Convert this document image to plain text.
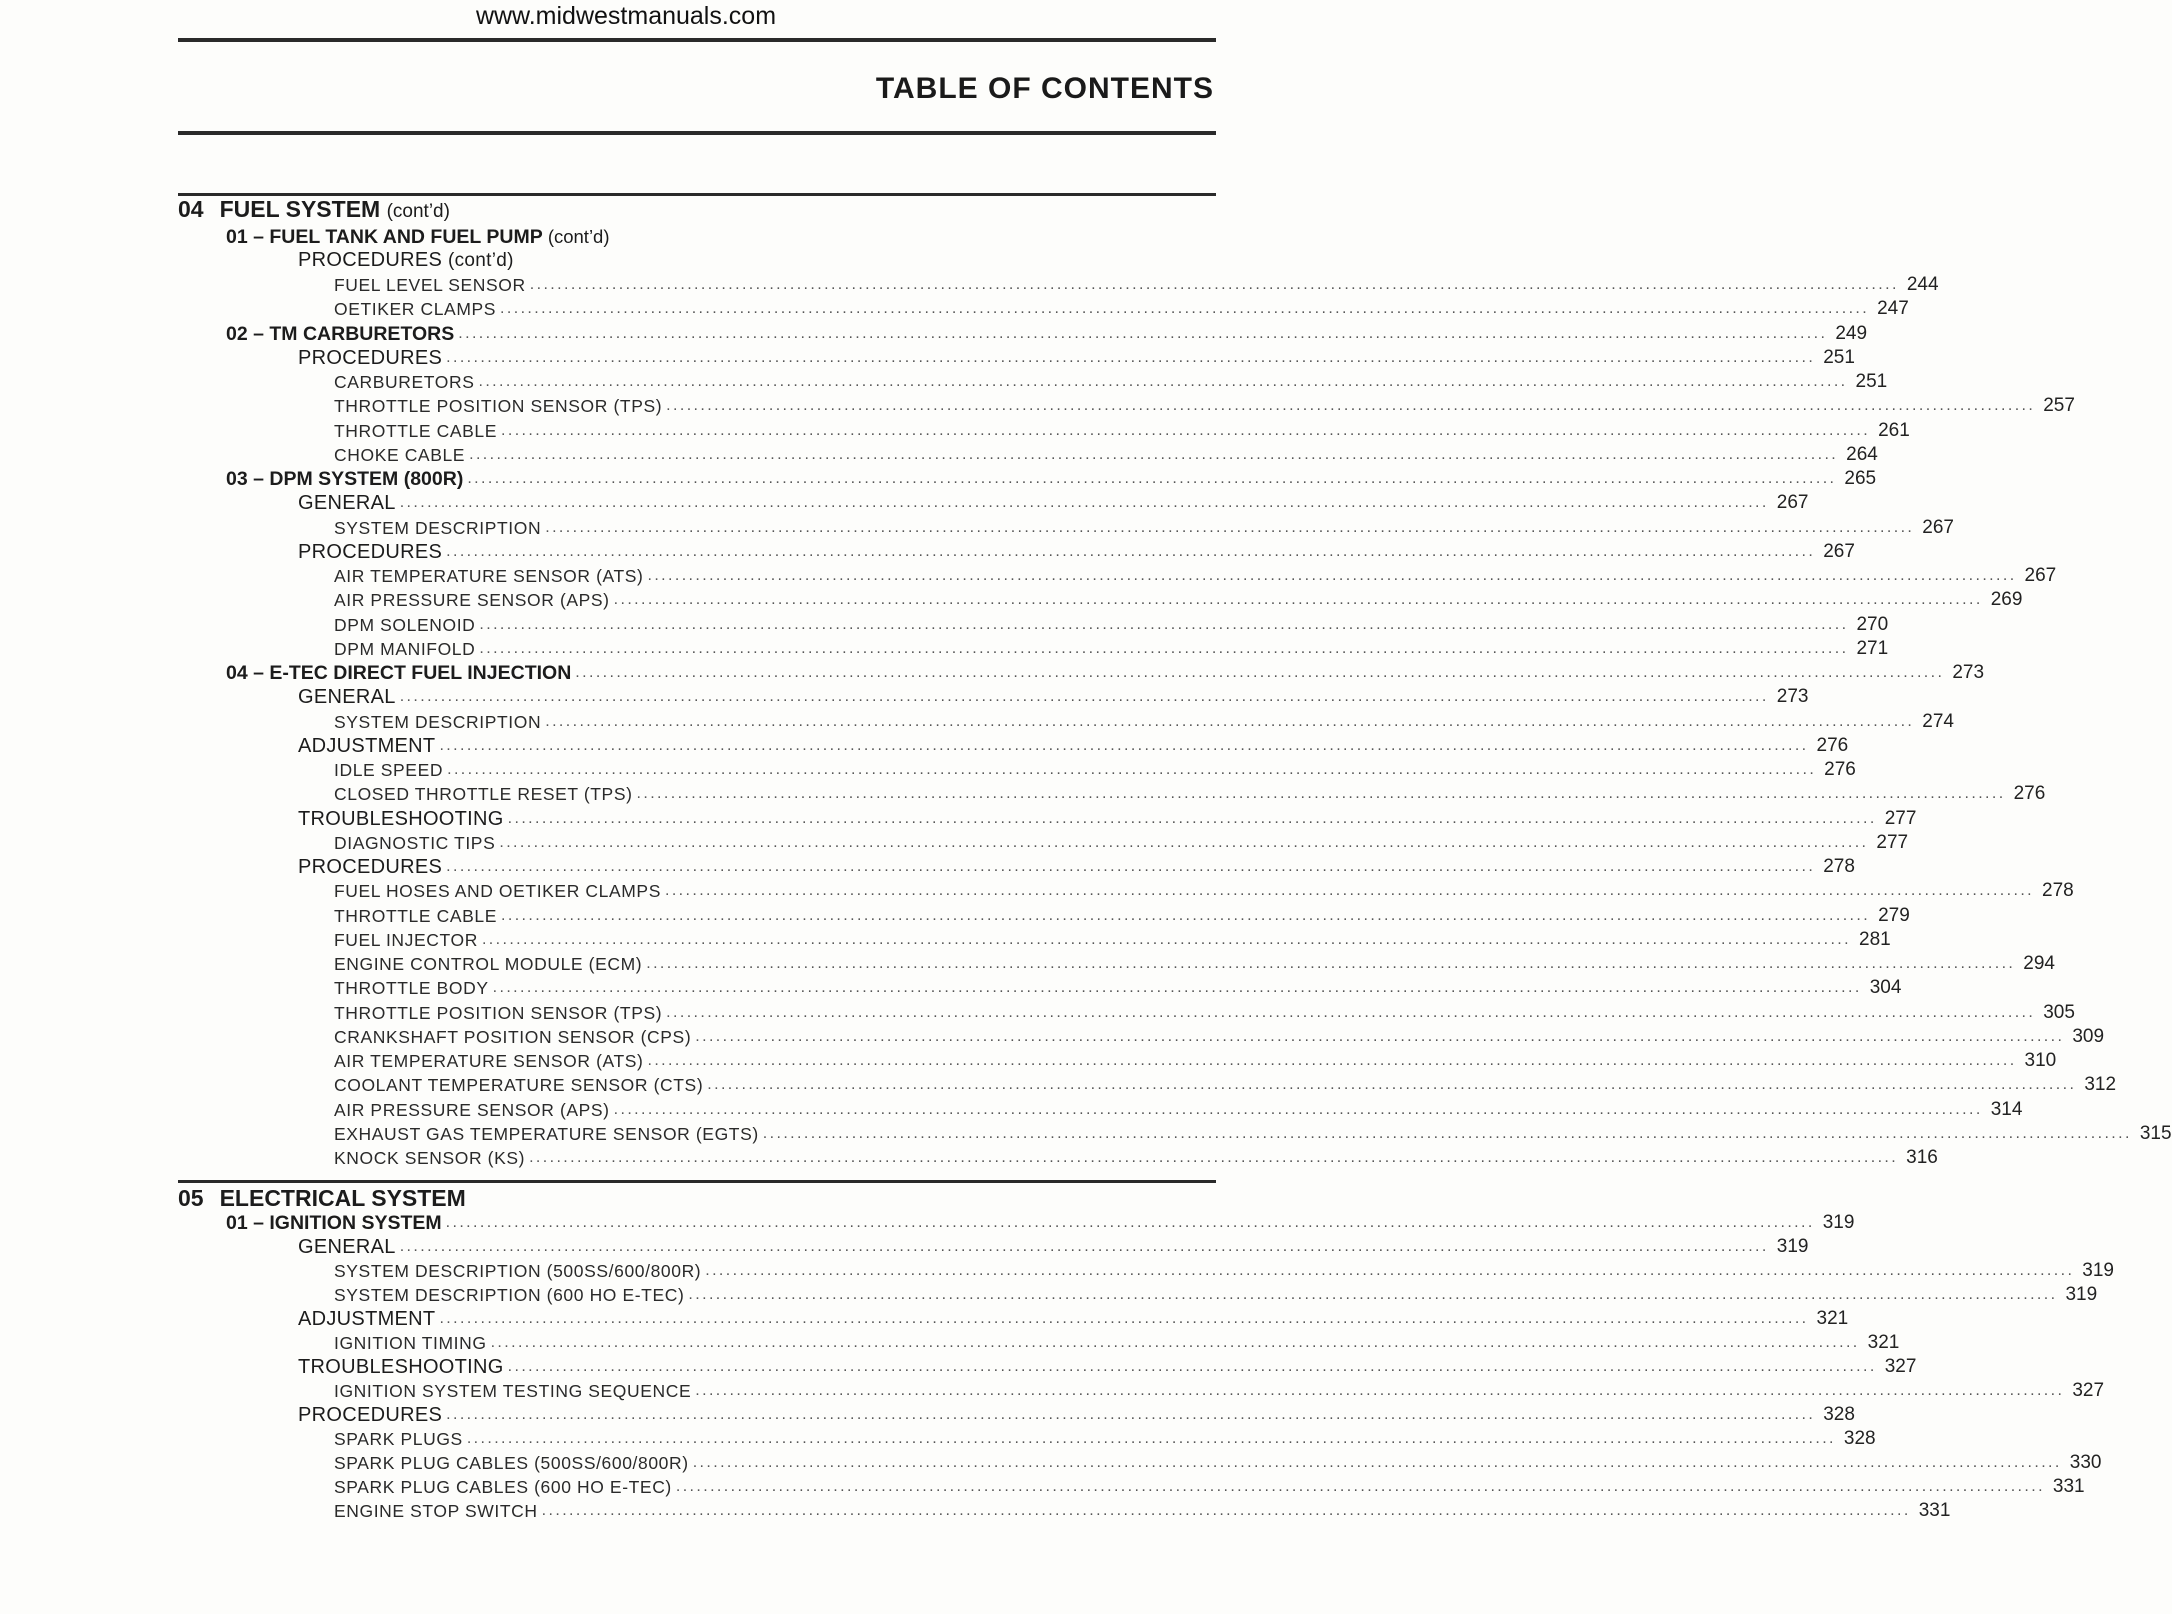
www.midwestmanuals.com
TABLE OF CONTENTS
04 FUEL SYSTEM (cont’d)
01 – FUEL TANK AND FUEL PUMP (cont’d)
PROCEDURES (cont’d)
FUEL LEVEL SENSOR ........................................................................................................................................................................................................ 244
OETIKER CLAMPS ........................................................................................................................................................................................................ 247
02 – TM CARBURETORS ........................................................................................................................................................................................................ 249
PROCEDURES ........................................................................................................................................................................................................ 251
CARBURETORS ........................................................................................................................................................................................................ 251
THROTTLE POSITION SENSOR (TPS) ........................................................................................................................................................................................................ 257
THROTTLE CABLE ........................................................................................................................................................................................................ 261
CHOKE CABLE ........................................................................................................................................................................................................ 264
03 – DPM SYSTEM (800R) ........................................................................................................................................................................................................ 265
GENERAL ........................................................................................................................................................................................................ 267
SYSTEM DESCRIPTION ........................................................................................................................................................................................................ 267
PROCEDURES ........................................................................................................................................................................................................ 267
AIR TEMPERATURE SENSOR (ATS) ........................................................................................................................................................................................................ 267
AIR PRESSURE SENSOR (APS) ........................................................................................................................................................................................................ 269
DPM SOLENOID ........................................................................................................................................................................................................ 270
DPM MANIFOLD ........................................................................................................................................................................................................ 271
04 – E-TEC DIRECT FUEL INJECTION ........................................................................................................................................................................................................ 273
GENERAL ........................................................................................................................................................................................................ 273
SYSTEM DESCRIPTION ........................................................................................................................................................................................................ 274
ADJUSTMENT ........................................................................................................................................................................................................ 276
IDLE SPEED ........................................................................................................................................................................................................ 276
CLOSED THROTTLE RESET (TPS) ........................................................................................................................................................................................................ 276
TROUBLESHOOTING ........................................................................................................................................................................................................ 277
DIAGNOSTIC TIPS ........................................................................................................................................................................................................ 277
PROCEDURES ........................................................................................................................................................................................................ 278
FUEL HOSES AND OETIKER CLAMPS ........................................................................................................................................................................................................ 278
THROTTLE CABLE ........................................................................................................................................................................................................ 279
FUEL INJECTOR ........................................................................................................................................................................................................ 281
ENGINE CONTROL MODULE (ECM) ........................................................................................................................................................................................................ 294
THROTTLE BODY ........................................................................................................................................................................................................ 304
THROTTLE POSITION SENSOR (TPS) ........................................................................................................................................................................................................ 305
CRANKSHAFT POSITION SENSOR (CPS) ........................................................................................................................................................................................................ 309
AIR TEMPERATURE SENSOR (ATS) ........................................................................................................................................................................................................ 310
COOLANT TEMPERATURE SENSOR (CTS) ........................................................................................................................................................................................................ 312
AIR PRESSURE SENSOR (APS) ........................................................................................................................................................................................................ 314
EXHAUST GAS TEMPERATURE SENSOR (EGTS) ........................................................................................................................................................................................................ 315
KNOCK SENSOR (KS) ........................................................................................................................................................................................................ 316
05 ELECTRICAL SYSTEM
01 – IGNITION SYSTEM ........................................................................................................................................................................................................ 319
GENERAL ........................................................................................................................................................................................................ 319
SYSTEM DESCRIPTION (500SS/600/800R) ........................................................................................................................................................................................................ 319
SYSTEM DESCRIPTION (600 HO E-TEC) ........................................................................................................................................................................................................ 319
ADJUSTMENT ........................................................................................................................................................................................................ 321
IGNITION TIMING ........................................................................................................................................................................................................ 321
TROUBLESHOOTING ........................................................................................................................................................................................................ 327
IGNITION SYSTEM TESTING SEQUENCE ........................................................................................................................................................................................................ 327
PROCEDURES ........................................................................................................................................................................................................ 328
SPARK PLUGS ........................................................................................................................................................................................................ 328
SPARK PLUG CABLES (500SS/600/800R) ........................................................................................................................................................................................................ 330
SPARK PLUG CABLES (600 HO E-TEC) ........................................................................................................................................................................................................ 331
ENGINE STOP SWITCH ........................................................................................................................................................................................................ 331
